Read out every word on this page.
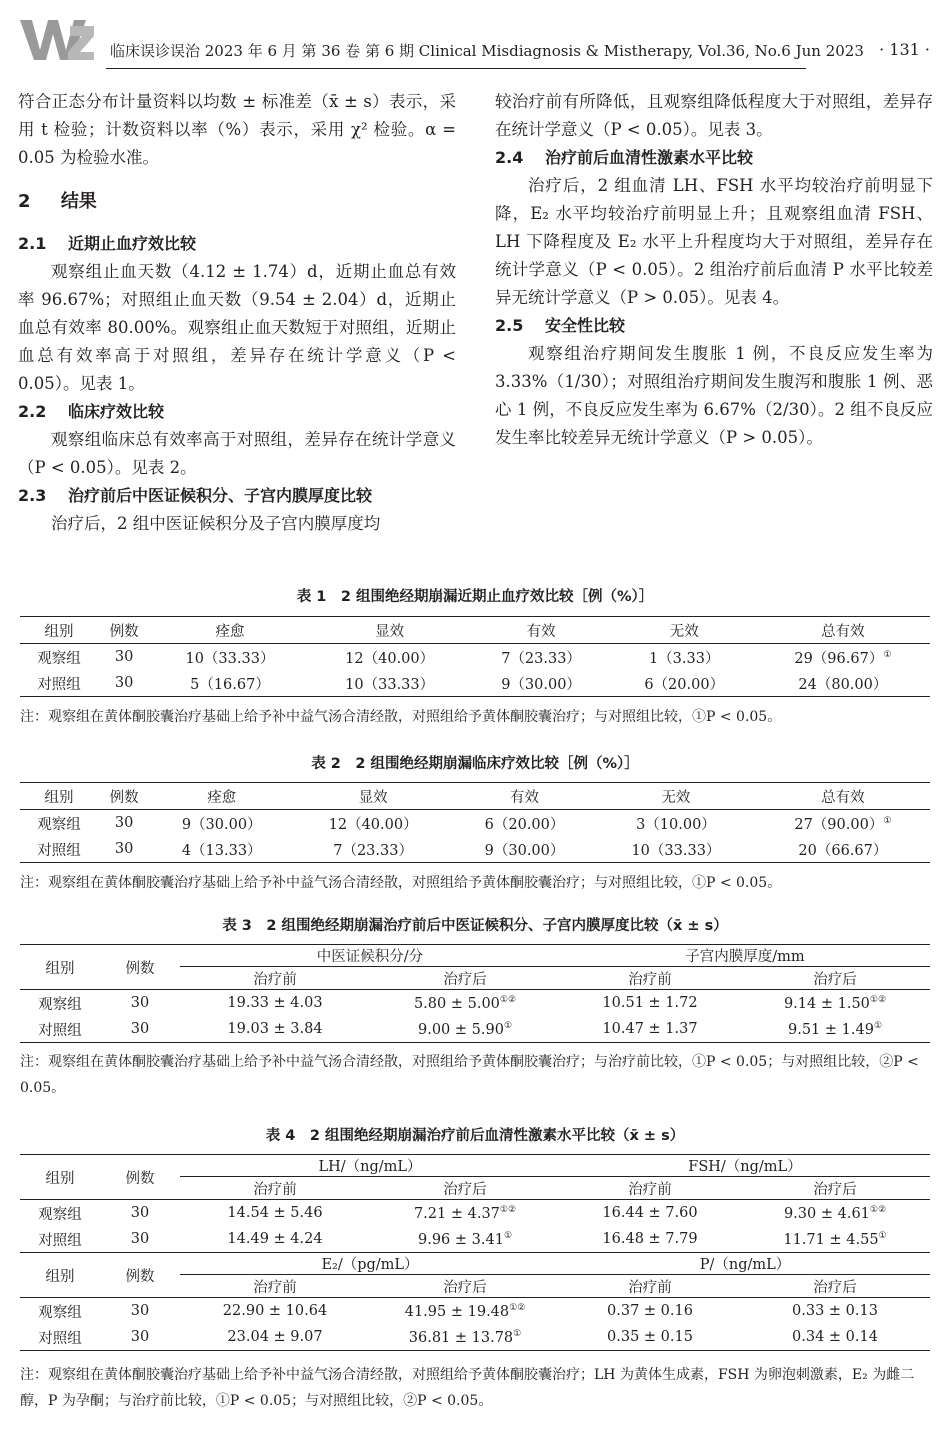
临床误诊误治 2023 年 6 月 第 36 卷 第 6 期 Clinical Misdiagnosis & Mistherapy, Vol.36, No.6 Jun 2023 · 131 ·

符合正态分布计量资料以均数 ± 标准差（x̄ ± s）表示，采用 t 检验；计数资料以率（%）表示，采用 χ² 检验。α = 0.05 为检验水准。

2 结果
2.1 近期止血疗效比较

观察组止血天数（4.12 ± 1.74）d，近期止血总有效率 96.67%；对照组止血天数（9.54 ± 2.04）d，近期止血总有效率 80.00%。观察组止血天数短于对照组，近期止血总有效率高于对照组，差异存在统计学意义（P < 0.05）。见表 1。

2.2 临床疗效比较

观察组临床总有效率高于对照组，差异存在统计学意义（P < 0.05）。见表 2。

2.3 治疗前后中医证候积分、子宫内膜厚度比较

治疗后，2 组中医证候积分及子宫内膜厚度均

较治疗前有所降低，且观察组降低程度大于对照组，差异存在统计学意义（P < 0.05）。见表 3。

2.4 治疗前后血清性激素水平比较

治疗后，2 组血清 LH、FSH 水平均较治疗前明显下降，E₂ 水平均较治疗前明显上升；且观察组血清 FSH、LH 下降程度及 E₂ 水平上升程度均大于对照组，差异存在统计学意义（P < 0.05）。2 组治疗前后血清 P 水平比较差异无统计学意义（P > 0.05）。见表 4。

2.5 安全性比较

观察组治疗期间发生腹胀 1 例，不良反应发生率为 3.33%（1/30）；对照组治疗期间发生腹泻和腹胀 1 例、恶心 1 例，不良反应发生率为 6.67%（2/30）。2 组不良反应发生率比较差异无统计学意义（P > 0.05）。

表 1　2 组围绝经期崩漏近期止血疗效比较［例（%）］
组别	例数	痊愈	显效	有效	无效	总有效
观察组	30	10（33.33）	12（40.00）	7（23.33）	1（3.33）	29（96.67）①
对照组	30	5（16.67）	10（33.33）	9（30.00）	6（20.00）	24（80.00）
注：观察组在黄体酮胶囊治疗基础上给予补中益气汤合清经散，对照组给予黄体酮胶囊治疗；与对照组比较，①P < 0.05。
表 2　2 组围绝经期崩漏临床疗效比较［例（%）］
组别	例数	痊愈	显效	有效	无效	总有效
观察组	30	9（30.00）	12（40.00）	6（20.00）	3（10.00）	27（90.00）①
对照组	30	4（13.33）	7（23.33）	9（30.00）	10（33.33）	20（66.67）
注：观察组在黄体酮胶囊治疗基础上给予补中益气汤合清经散，对照组给予黄体酮胶囊治疗；与对照组比较，①P < 0.05。
表 3　2 组围绝经期崩漏治疗前后中医证候积分、子宫内膜厚度比较（x̄ ± s）
组别	例数	中医证候积分/分		子宫内膜厚度/mm	
		治疗前	治疗后	治疗前	治疗后
观察组	30	19.33 ± 4.03	5.80 ± 5.00①②	10.51 ± 1.72	9.14 ± 1.50①②
对照组	30	19.03 ± 3.84	9.00 ± 5.90①	10.47 ± 1.37	9.51 ± 1.49①
注：观察组在黄体酮胶囊治疗基础上给予补中益气汤合清经散，对照组给予黄体酮胶囊治疗；与治疗前比较，①P < 0.05；与对照组比较，②P < 0.05。
表 4　2 组围绝经期崩漏治疗前后血清性激素水平比较（x̄ ± s）
组别	例数	LH/（ng/mL）		FSH/（ng/mL）	
		治疗前	治疗后	治疗前	治疗后
观察组	30	14.54 ± 5.46	7.21 ± 4.37①②	16.44 ± 7.60	9.30 ± 4.61①②
对照组	30	14.49 ± 4.24	9.96 ± 3.41①	16.48 ± 7.79	11.71 ± 4.55①
组别	例数	E₂/（pg/mL）		P/（ng/mL）	
		治疗前	治疗后	治疗前	治疗后
观察组	30	22.90 ± 10.64	41.95 ± 19.48①②	0.37 ± 0.16	0.33 ± 0.13
对照组	30	23.04 ± 9.07	36.81 ± 13.78①	0.35 ± 0.15	0.34 ± 0.14
注：观察组在黄体酮胶囊治疗基础上给予补中益气汤合清经散，对照组给予黄体酮胶囊治疗；LH 为黄体生成素，FSH 为卵泡刺激素，E₂ 为雌二醇，P 为孕酮；与治疗前比较，①P < 0.05；与对照组比较，②P < 0.05。
